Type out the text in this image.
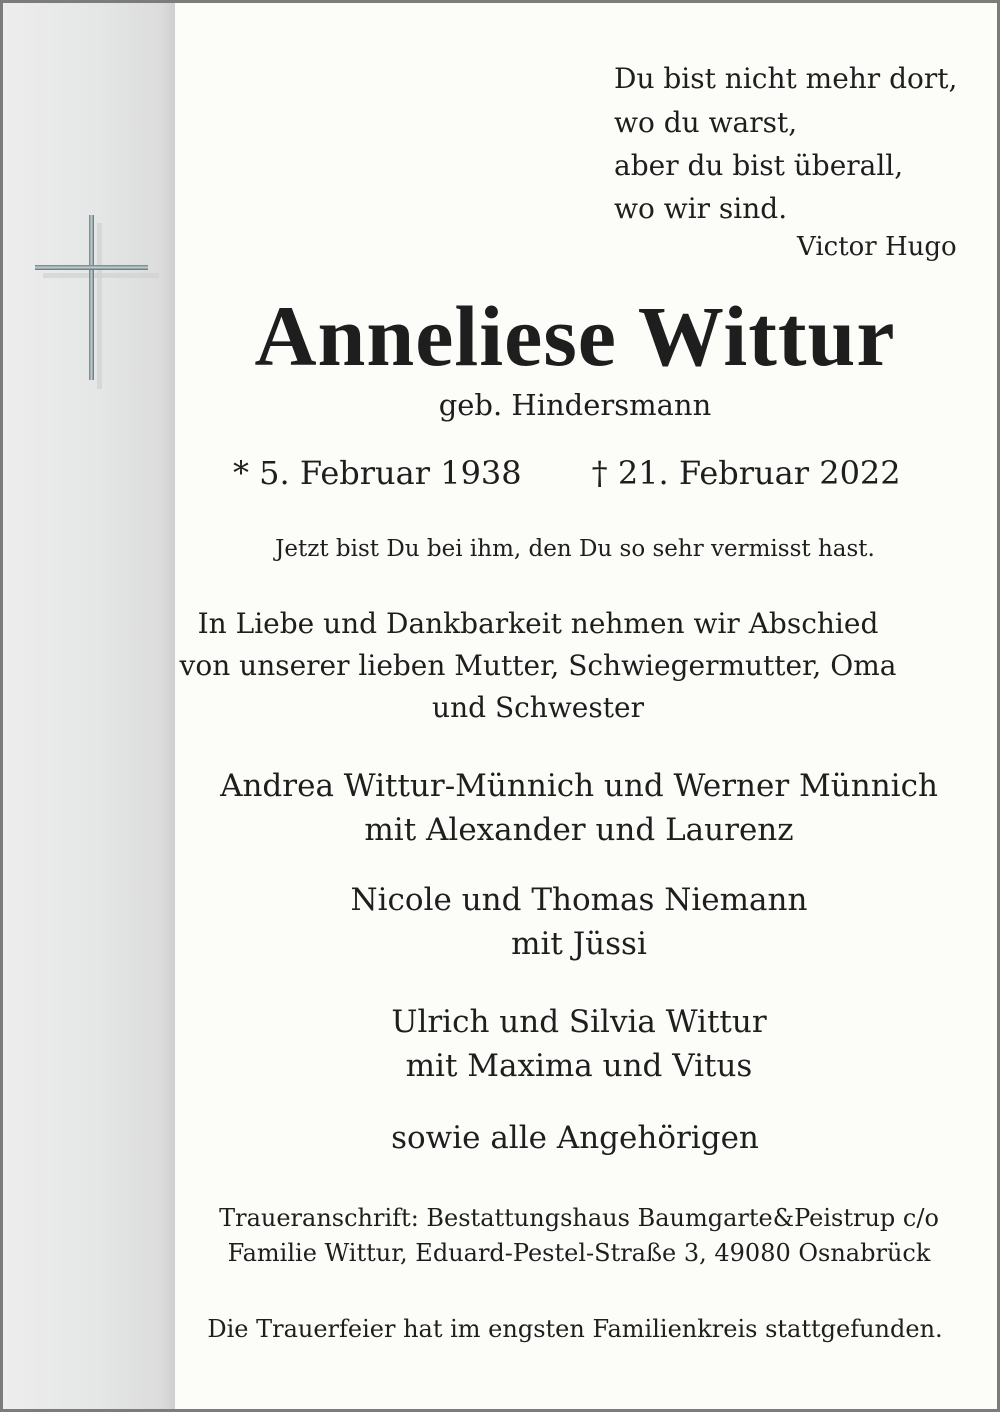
Du bist nicht mehr dort,

wo du warst,

aber du bist überall,

wo wir sind.

Victor Hugo

Anneliese Wittur

geb. Hindersmann

* 5. Februar 1938 † 21. Februar 2022

Jetzt bist Du bei ihm, den Du so sehr vermisst hast.

In Liebe und Dankbarkeit nehmen wir Abschied
von unserer lieben Mutter, Schwiegermutter, Oma
und Schwester
Andrea Wittur-Münnich und Werner Münnich
mit Alexander und Laurenz
Nicole und Thomas Niemann
mit Jüssi
Ulrich und Silvia Wittur
mit Maxima und Vitus

sowie alle Angehörigen

Traueranschrift: Bestattungshaus Baumgarte&Peistrup c/o
Familie Wittur, Eduard-Pestel-Straße 3, 49080 Osnabrück

Die Trauerfeier hat im engsten Familienkreis stattgefunden.
